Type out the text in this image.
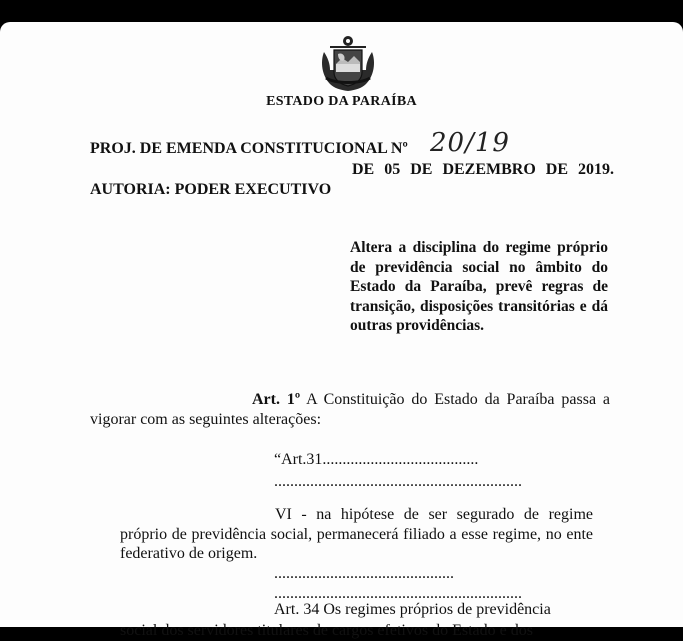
ESTADO DA PARAÍBA
PROJ. DE EMENDA CONSTITUCIONAL Nº 20/19
DE 05 DE DEZEMBRO DE 2019.
AUTORIA: PODER EXECUTIVO
Altera a disciplina do regime próprio de previdência social no âmbito do Estado da Paraíba, prevê regras de transição, disposições transitórias e dá outras providências.
Art. 1º A Constituição do Estado da Paraíba passa a vigorar com as seguintes alterações:
“Art.31.......................................
..............................................................
VI - na hipótese de ser segurado de regime próprio de previdência social, permanecerá filiado a esse regime, no ente federativo de origem.
.............................................
..............................................................
Art. 34 Os regimes próprios de previdência
social dos servidores titulares de cargos efetivos do Estado e dos
